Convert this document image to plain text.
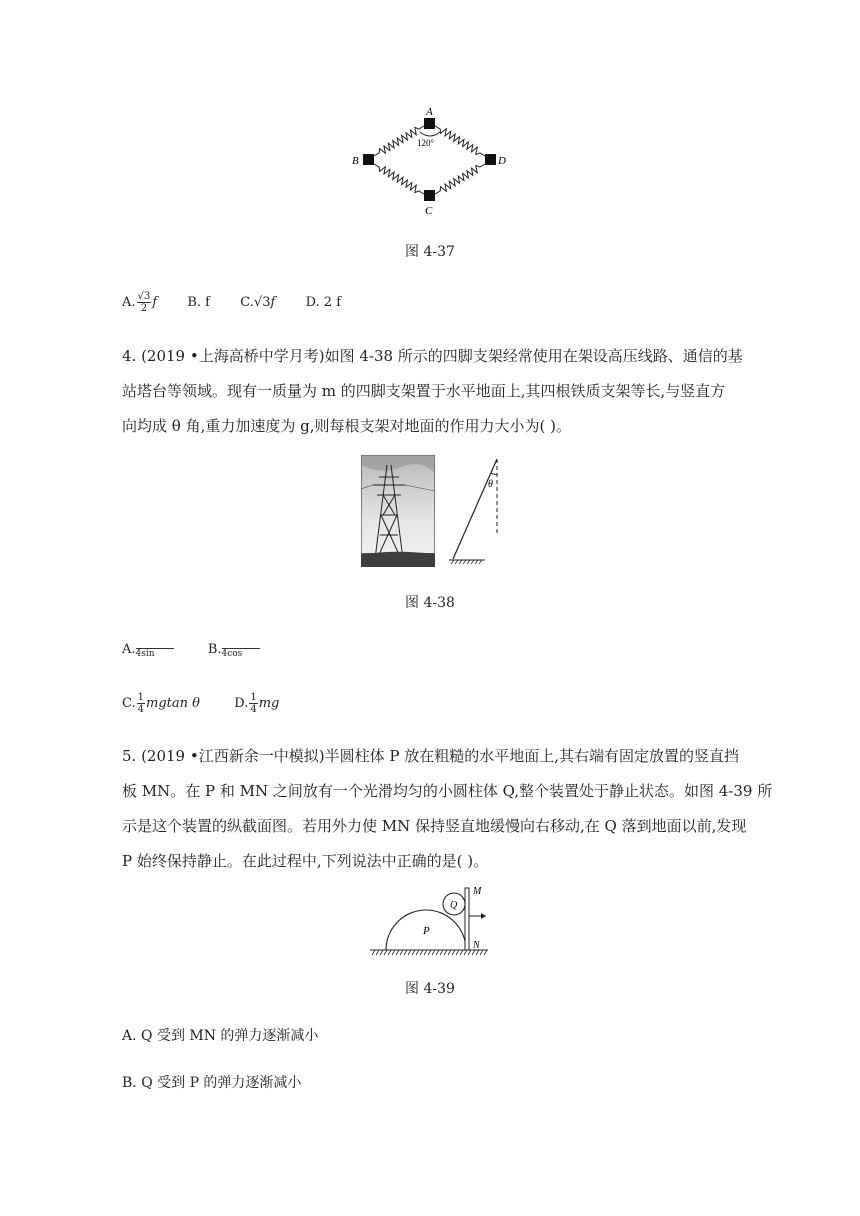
A
B
C
D
120°
图 4-37
A. $\frac{√3}{2}$ f B. f C.√3f D. 2 f
4. (2019 •上海高桥中学月考)如图 4-38 所示的四脚支架经常使用在架设高压线路、通信的基
站塔台等领域。现有一质量为 m 的四脚支架置于水平地面上,其四根铁质支架等长,与竖直方
向均成 θ 角,重力加速度为 g,则每根支架对地面的作用力大小为( )。
θ
图 4-38
A.
4sin	B.
4cos
C. $\frac{1}{4}$ mgtan θ	D. $\frac{1}{4}$ mg
5. (2019 •江西新余一中模拟)半圆柱体 P 放在粗糙的水平地面上,其右端有固定放置的竖直挡
板 MN。在 P 和 MN 之间放有一个光滑均匀的小圆柱体 Q,整个装置处于静止状态。如图 4-39 所
示是这个装置的纵截面图。若用外力使 MN 保持竖直地缓慢向右移动,在 Q 落到地面以前,发现
P 始终保持静止。在此过程中,下列说法中正确的是( )。
P
Q
M
N
图 4-39
A. Q 受到 MN 的弹力逐渐减小
B. Q 受到 P 的弹力逐渐减小
